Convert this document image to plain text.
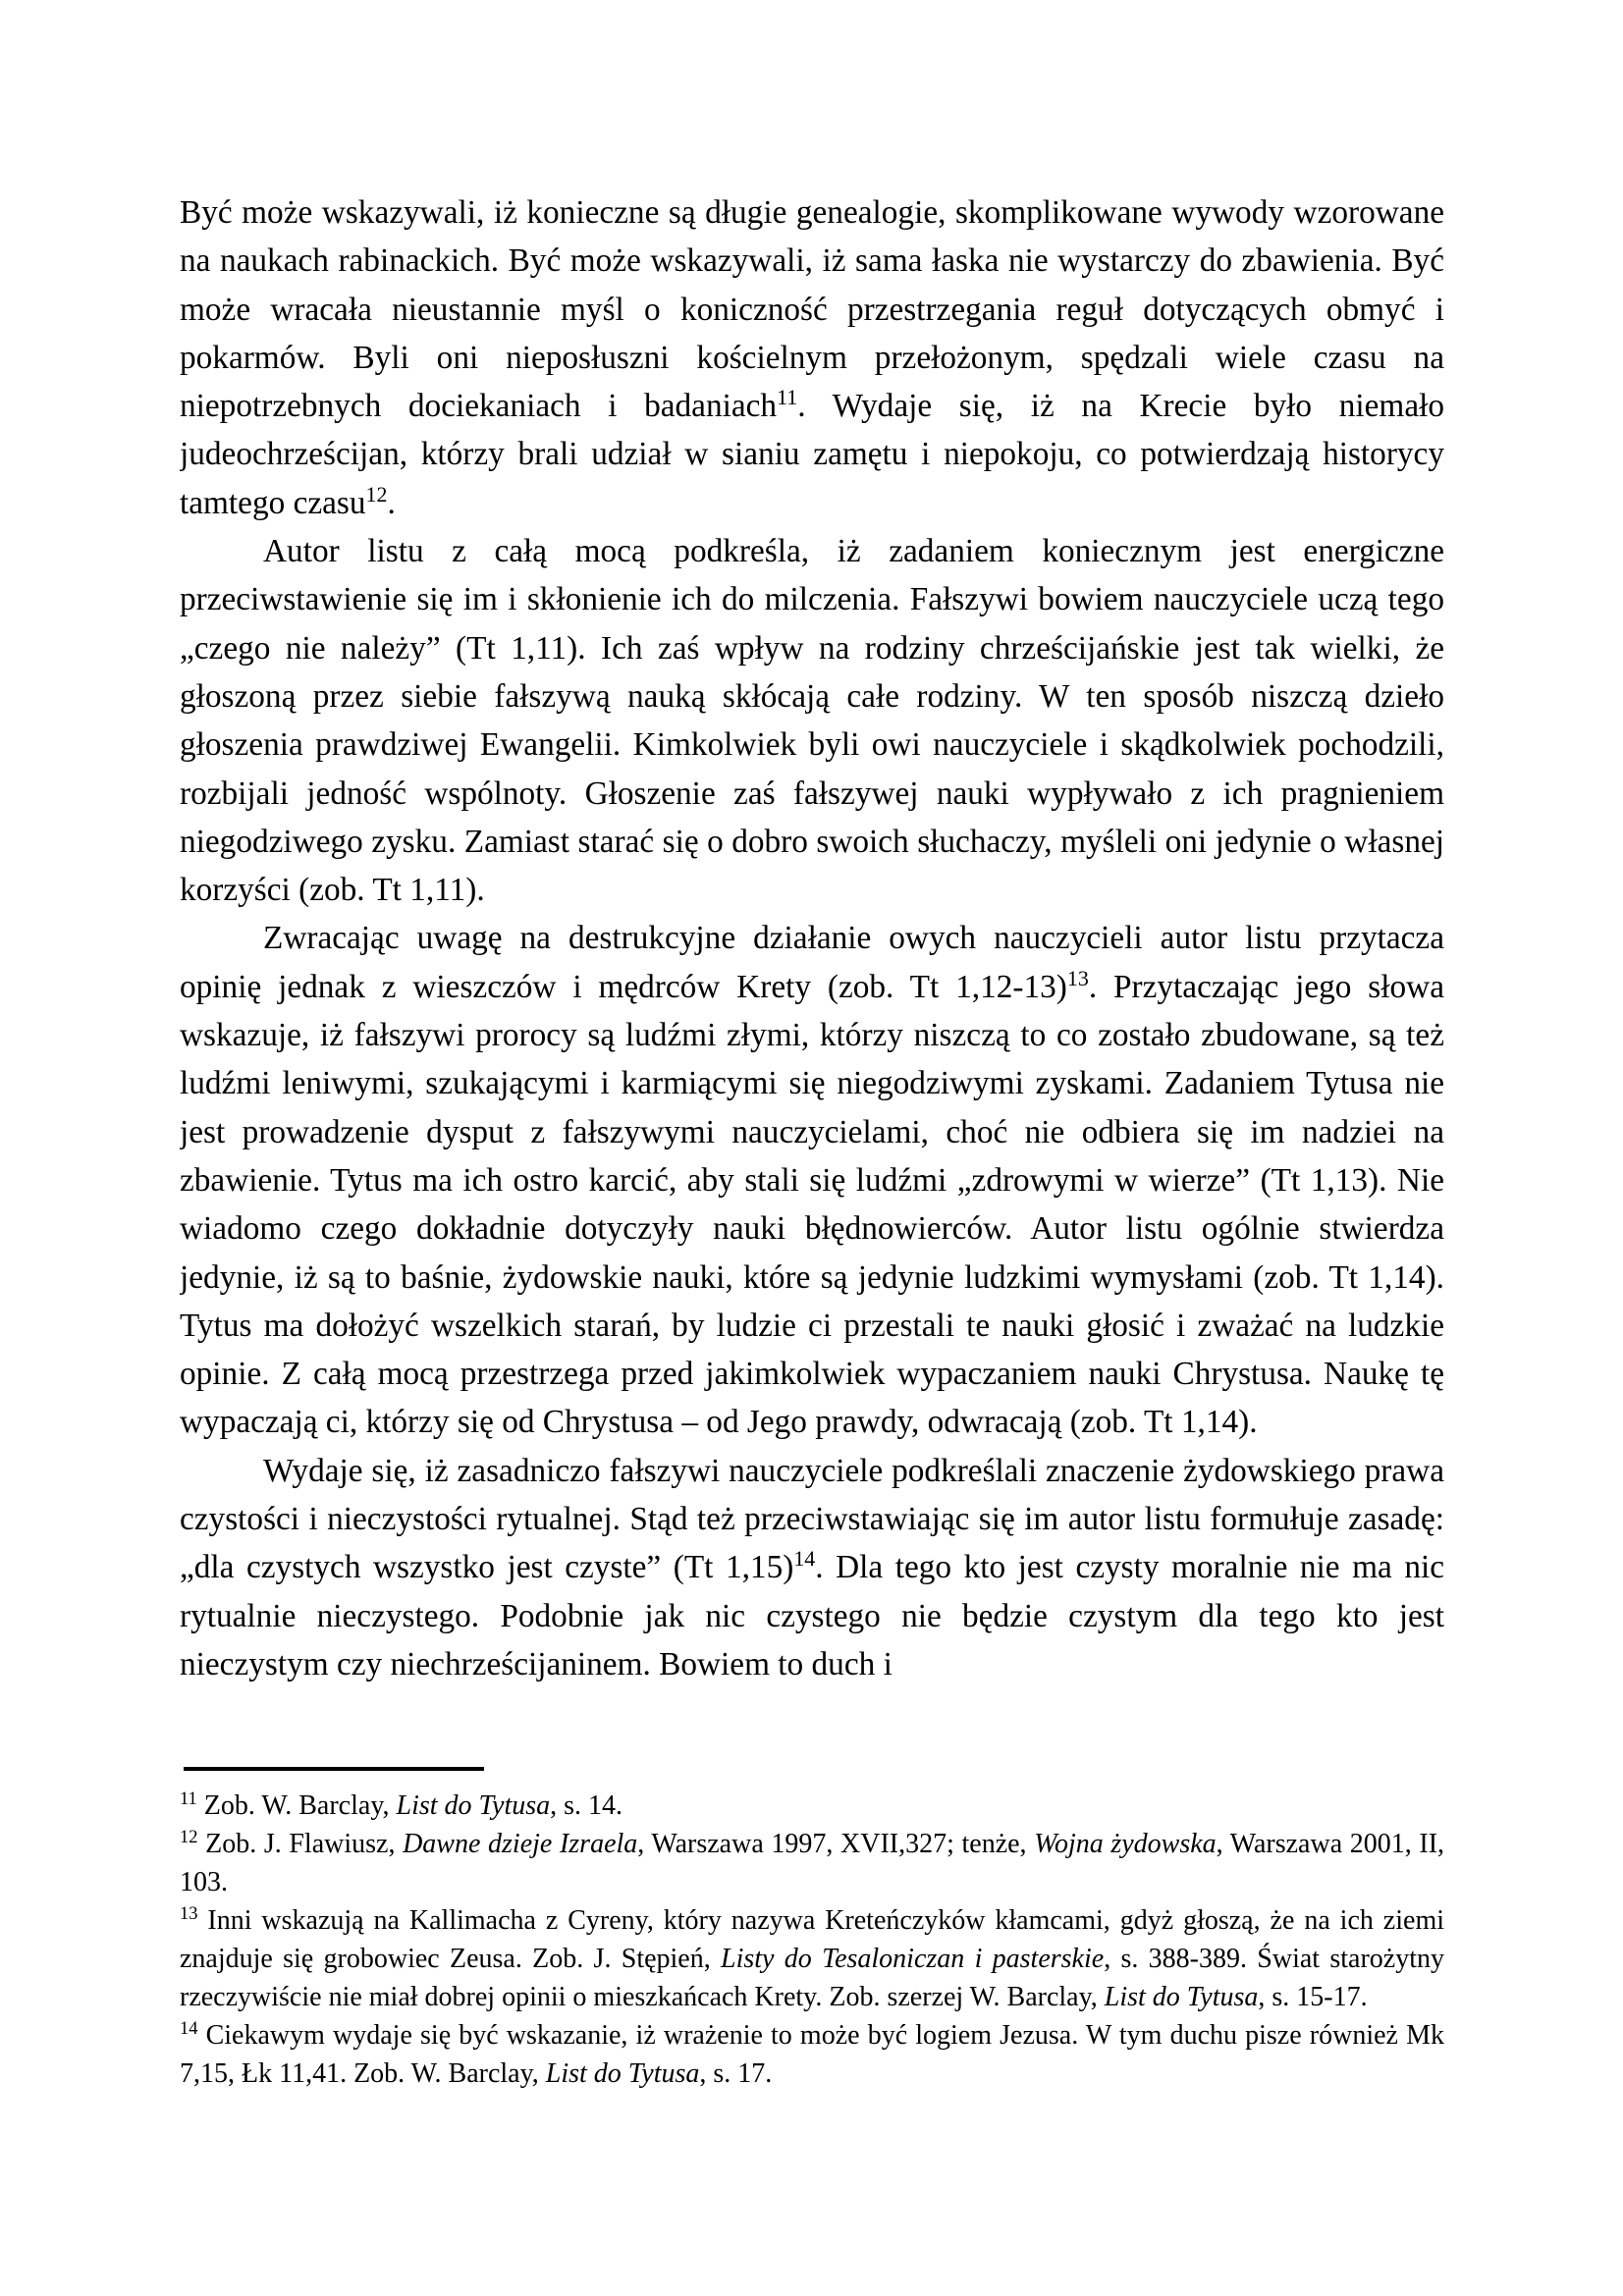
Być może wskazywali, iż konieczne są długie genealogie, skomplikowane wywody wzorowane na naukach rabinackich. Być może wskazywali, iż sama łaska nie wystarczy do zbawienia. Być może wracała nieustannie myśl o koniczność przestrzegania reguł dotyczących obmyć i pokarmów. Byli oni nieposłuszni kościelnym przełożonym, spędzali wiele czasu na niepotrzebnych dociekaniach i badaniach$^{11}$. Wydaje się, iż na Krecie było niemało judeochrześcijan, którzy brali udział w sianiu zamętu i niepokoju, co potwierdzają historycy tamtego czasu$^{12}$.

Autor listu z całą mocą podkreśla, iż zadaniem koniecznym jest energiczne przeciwstawienie się im i skłonienie ich do milczenia. Fałszywi bowiem nauczyciele uczą tego „czego nie należy” (Tt 1,11). Ich zaś wpływ na rodziny chrześcijańskie jest tak wielki, że głoszoną przez siebie fałszywą nauką skłócają całe rodziny. W ten sposób niszczą dzieło głoszenia prawdziwej Ewangelii. Kimkolwiek byli owi nauczyciele i skądkolwiek pochodzili, rozbijali jedność wspólnoty. Głoszenie zaś fałszywej nauki wypływało z ich pragnieniem niegodziwego zysku. Zamiast starać się o dobro swoich słuchaczy, myśleli oni jedynie o własnej korzyści (zob. Tt 1,11).

Zwracając uwagę na destrukcyjne działanie owych nauczycieli autor listu przytacza opinię jednak z wieszczów i mędrców Krety (zob. Tt 1,12-13)$^{13}$. Przytaczając jego słowa wskazuje, iż fałszywi prorocy są ludźmi złymi, którzy niszczą to co zostało zbudowane, są też ludźmi leniwymi, szukającymi i karmiącymi się niegodziwymi zyskami. Zadaniem Tytusa nie jest prowadzenie dysput z fałszywymi nauczycielami, choć nie odbiera się im nadziei na zbawienie. Tytus ma ich ostro karcić, aby stali się ludźmi „zdrowymi w wierze” (Tt 1,13). Nie wiadomo czego dokładnie dotyczyły nauki błędnowierców. Autor listu ogólnie stwierdza jedynie, iż są to baśnie, żydowskie nauki, które są jedynie ludzkimi wymysłami (zob. Tt 1,14). Tytus ma dołożyć wszelkich starań, by ludzie ci przestali te nauki głosić i zważać na ludzkie opinie. Z całą mocą przestrzega przed jakimkolwiek wypaczaniem nauki Chrystusa. Naukę tę wypaczają ci, którzy się od Chrystusa – od Jego prawdy, odwracają (zob. Tt 1,14).

Wydaje się, iż zasadniczo fałszywi nauczyciele podkreślali znaczenie żydowskiego prawa czystości i nieczystości rytualnej. Stąd też przeciwstawiając się im autor listu formułuje zasadę: „dla czystych wszystko jest czyste” (Tt 1,15)$^{14}$. Dla tego kto jest czysty moralnie nie ma nic rytualnie nieczystego. Podobnie jak nic czystego nie będzie czystym dla tego kto jest nieczystym czy niechrześcijaninem. Bowiem to duch i

$^{11}$ Zob. W. Barclay, List do Tytusa, s. 14.

$^{12}$ Zob. J. Flawiusz, Dawne dzieje Izraela, Warszawa 1997, XVII,327; tenże, Wojna żydowska, Warszawa 2001, II, 103.

$^{13}$ Inni wskazują na Kallimacha z Cyreny, który nazywa Kreteńczyków kłamcami, gdyż głoszą, że na ich ziemi znajduje się grobowiec Zeusa. Zob. J. Stępień, Listy do Tesaloniczan i pasterskie, s. 388-389. Świat starożytny rzeczywiście nie miał dobrej opinii o mieszkańcach Krety. Zob. szerzej W. Barclay, List do Tytusa, s. 15-17.

$^{14}$ Ciekawym wydaje się być wskazanie, iż wrażenie to może być logiem Jezusa. W tym duchu pisze również Mk 7,15, Łk 11,41. Zob. W. Barclay, List do Tytusa, s. 17.
